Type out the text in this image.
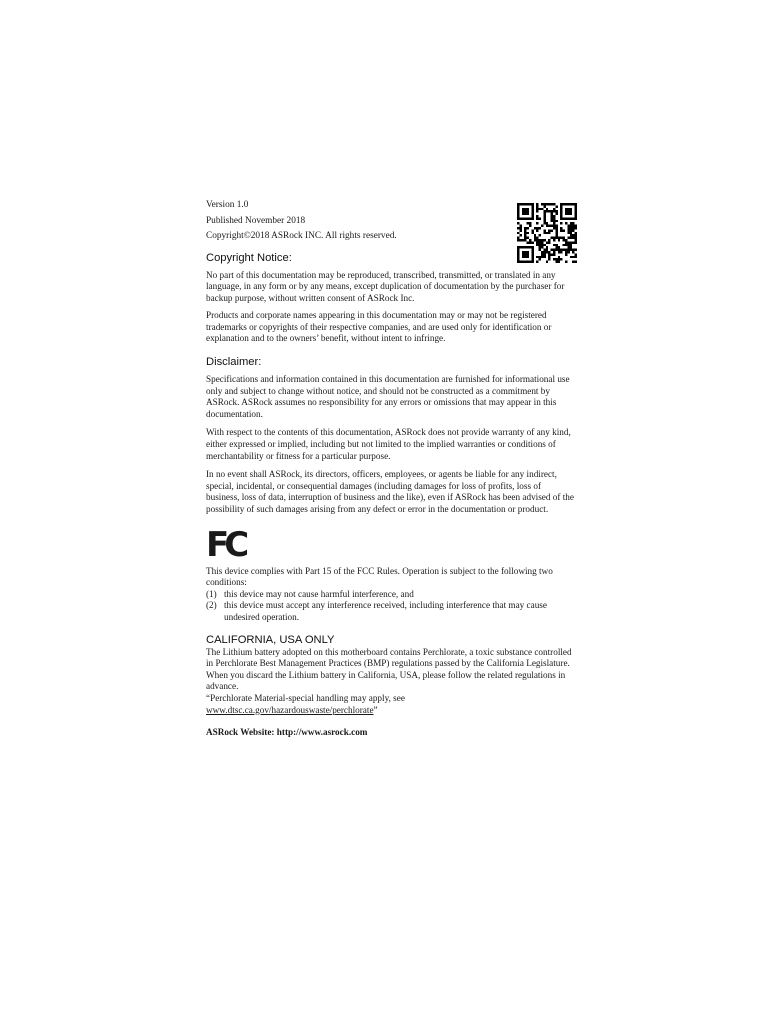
Version 1.0
Published November 2018
Copyright©2018 ASRock INC. All rights reserved.
Copyright Notice:

No part of this documentation may be reproduced, transcribed, transmitted, or translated in any language, in any form or by any means, except duplication of documentation by the purchaser for backup purpose, without written consent of ASRock Inc.

Products and corporate names appearing in this documentation may or may not be registered trademarks or copyrights of their respective companies, and are used only for identification or explanation and to the owners’ benefit, without intent to infringe.

Disclaimer:

Specifications and information contained in this documentation are furnished for informational use only and subject to change without notice, and should not be constructed as a commitment by ASRock. ASRock assumes no responsibility for any errors or omissions that may appear in this documentation.

With respect to the contents of this documentation, ASRock does not provide warranty of any kind, either expressed or implied, including but not limited to the implied warranties or conditions of merchantability or fitness for a particular purpose.

In no event shall ASRock, its directors, officers, employees, or agents be liable for any indirect, special, incidental, or consequential damages (including damages for loss of profits, loss of business, loss of data, interruption of business and the like), even if ASRock has been advised of the possibility of such damages arising from any defect or error in the documentation or product.

FC

This device complies with Part 15 of the FCC Rules. Operation is subject to the following two conditions:

(1) this device may not cause harmful interference, and
(2) this device must accept any interference received, including interference that may cause undesired operation.
CALIFORNIA, USA ONLY

The Lithium battery adopted on this motherboard contains Perchlorate, a toxic substance controlled in Perchlorate Best Management Practices (BMP) regulations passed by the California Legislature. When you discard the Lithium battery in California, USA, please follow the related regulations in advance.

“Perchlorate Material-special handling may apply, see www.dtsc.ca.gov/hazardouswaste/perchlorate”

ASRock Website: http://www.asrock.com
